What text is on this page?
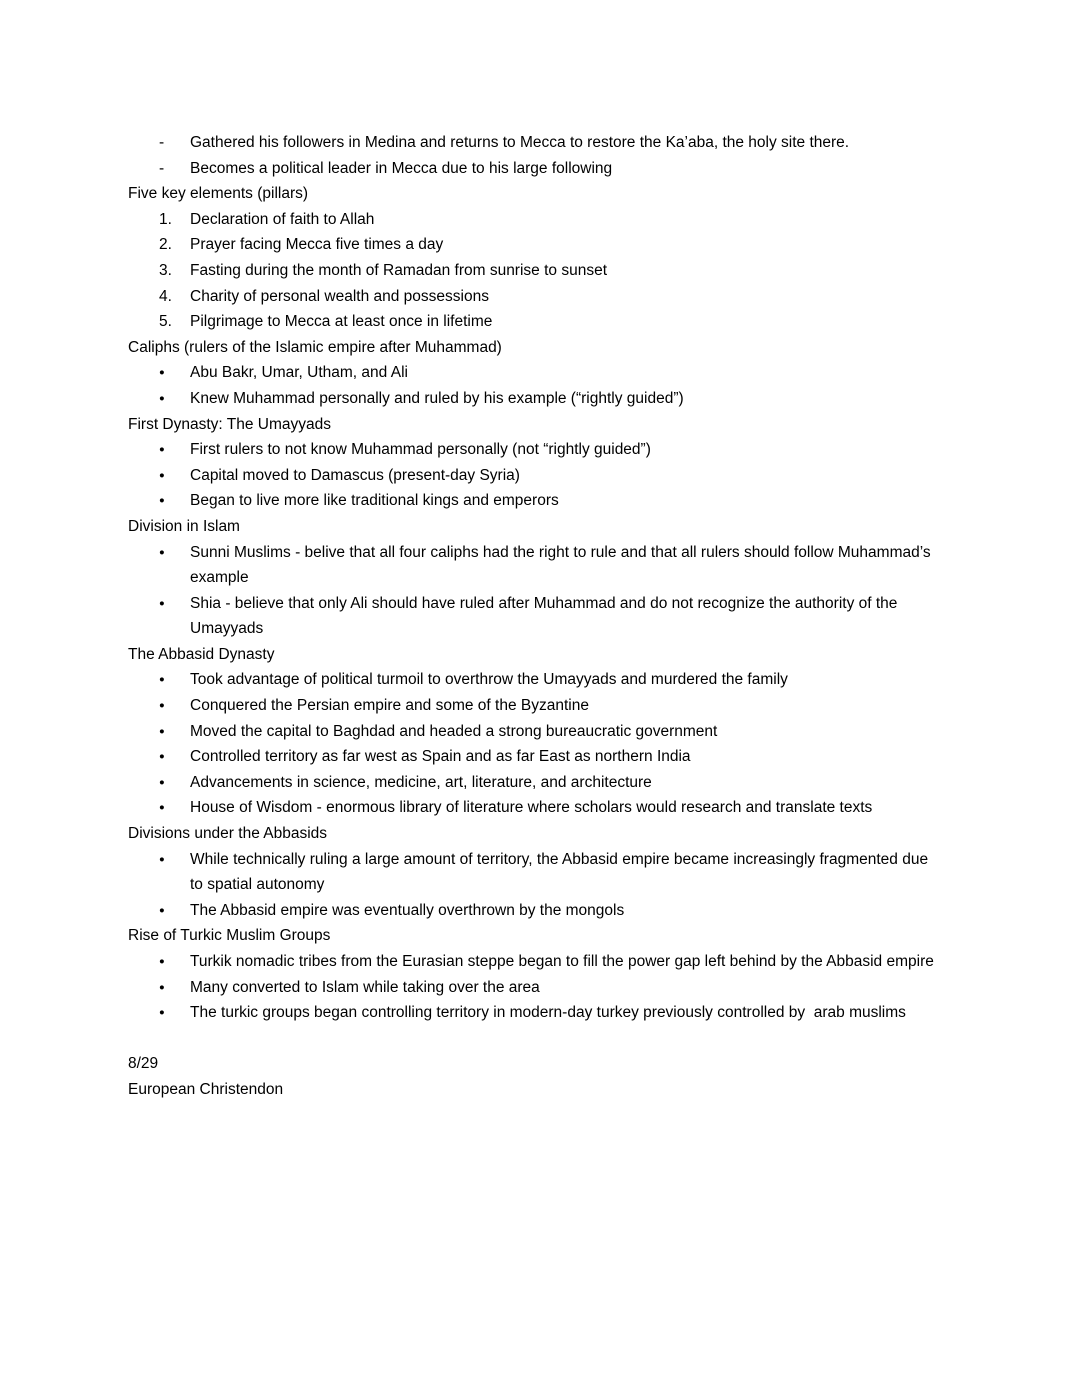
-	Gathered his followers in Medina and returns to Mecca to restore the Ka’aba, the holy site there.
-	Becomes a political leader in Mecca due to his large following
Five key elements (pillars)
1.	Declaration of faith to Allah
2.	Prayer facing Mecca five times a day
3.	Fasting during the month of Ramadan from sunrise to sunset
4.	Charity of personal wealth and possessions
5.	Pilgrimage to Mecca at least once in lifetime
Caliphs (rulers of the Islamic empire after Muhammad)
●	Abu Bakr, Umar, Utham, and Ali
●	Knew Muhammad personally and ruled by his example (“rightly guided”)
First Dynasty: The Umayyads
●	First rulers to not know Muhammad personally (not “rightly guided”)
●	Capital moved to Damascus (present-day Syria)
●	Began to live more like traditional kings and emperors
Division in Islam
●	Sunni Muslims - belive that all four caliphs had the right to rule and that all rulers should follow Muhammad’s example
●	Shia - believe that only Ali should have ruled after Muhammad and do not recognize the authority of the Umayyads
The Abbasid Dynasty
●	Took advantage of political turmoil to overthrow the Umayyads and murdered the family
●	Conquered the Persian empire and some of the Byzantine
●	Moved the capital to Baghdad and headed a strong bureaucratic government
●	Controlled territory as far west as Spain and as far East as northern India
●	Advancements in science, medicine, art, literature, and architecture
●	House of Wisdom - enormous library of literature where scholars would research and translate texts
Divisions under the Abbasids
●	While technically ruling a large amount of territory, the Abbasid empire became increasingly fragmented due to spatial autonomy
●	The Abbasid empire was eventually overthrown by the mongols
Rise of Turkic Muslim Groups
●	Turkik nomadic tribes from the Eurasian steppe began to fill the power gap left behind by the Abbasid empire
●	Many converted to Islam while taking over the area
●	The turkic groups began controlling territory in modern-day turkey previously controlled by  arab muslims
8/29
European Christendon
